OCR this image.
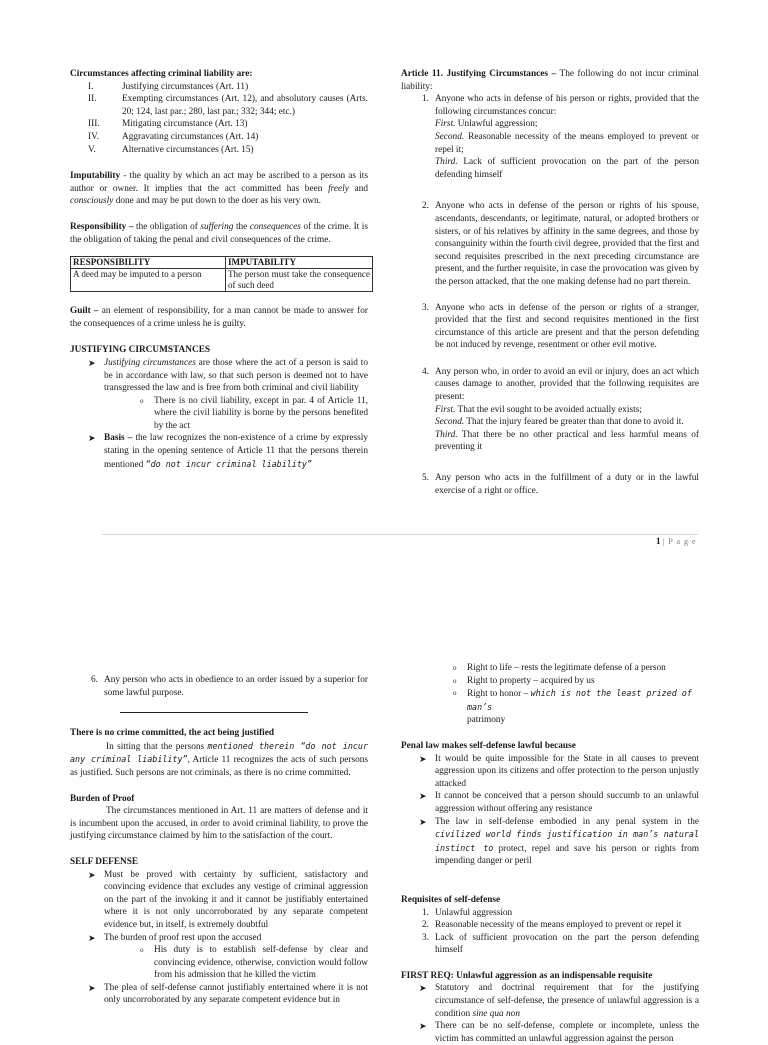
Circumstances affecting criminal liability are:

I.	Justifying circumstances (Art. 11)
II.	Exempting circumstances (Art. 12), and absolutory causes (Arts. 20; 124, last par.; 280, last par.; 332; 344; etc.)
III.	Mitigating circumstance (Art. 13)
IV.	Aggravating circumstances (Art. 14)
V.	Alternative circumstances (Art. 15)

Imputability - the quality by which an act may be ascribed to a person as its author or owner. It implies that the act committed has been freely and consciously done and may be put down to the doer as his very own.

Responsibility – the obligation of suffering the consequences of the crime. It is the obligation of taking the penal and civil consequences of the crime.

RESPONSIBILITY	IMPUTABILITY
A deed may be imputed to a person	The person must take the consequence of such deed

Guilt – an element of responsibility, for a man cannot be made to answer for the consequences of a crime unless he is guilty.

JUSTIFYING CIRCUMSTANCES

➤ Justifying circumstances are those where the act of a person is said to be in accordance with law, so that such person is deemed not to have transgressed the law and is free from both criminal and civil liability
o	There is no civil liability, except in par. 4 of Article 11, where the civil liability is borne by the persons benefited by the act
➤ Basis – the law recognizes the non-existence of a crime by expressly stating in the opening sentence of Article 11 that the persons therein mentioned “do not incur criminal liability”

Article 11. Justifying Circumstances – The following do not incur criminal liability:

1. Anyone who acts in defense of his person or rights, provided that the following circumstances concur:

First. Unlawful aggression;

Second. Reasonable necessity of the means employed to prevent or repel it;

Third. Lack of sufficient provocation on the part of the person defending himself

2. Anyone who acts in defense of the person or rights of his spouse, ascendants, descendants, or legitimate, natural, or adopted brothers or sisters, or of his relatives by affinity in the same degrees, and those by consanguinity within the fourth civil degree, provided that the first and second requisites prescribed in the next preceding circumstance are present, and the further requisite, in case the provocation was given by the person attacked, that the one making defense had no part therein.

3. Anyone who acts in defense of the person or rights of a stranger, provided that the first and second requisites mentioned in the first circumstance of this article are present and that the person defending be not induced by revenge, resentment or other evil motive.

4. Any person who, in order to avoid an evil or injury, does an act which causes damage to another, provided that the following requisites are present:

First. That the evil sought to be avoided actually exists;

Second. That the injury feared be greater than that done to avoid it.

Third. That there be no other practical and less harmful means of preventing it

5. Any person who acts in the fulfillment of a duty or in the lawful exercise of a right or office.

1 | P a g e
6. Any person who acts in obedience to an order issued by a superior for some lawful purpose.

There is no crime committed, the act being justified

In sitting that the persons mentioned therein “do not incur any criminal liability”, Article 11 recognizes the acts of such persons as justified. Such persons are not criminals, as there is no crime committed.

Burden of Proof

The circumstances mentioned in Art. 11 are matters of defense and it is incumbent upon the accused, in order to avoid criminal liability, to prove the justifying circumstance claimed by him to the satisfaction of the court.

SELF DEFENSE

➤ Must be proved with certainty by sufficient, satisfactory and convincing evidence that excludes any vestige of criminal aggression on the part of the invoking it and it cannot be justifiably entertained where it is not only uncorroborated by any separate competent evidence but, in itself, is extremely doubtful
➤ The burden of proof rest upon the accused
o	His duty is to establish self-defense by clear and convincing evidence, otherwise, conviction would follow from his admission that he killed the victim
➤ The plea of self-defense cannot justifiably entertained where it is not only uncorroborated by any separate competent evidence but in
o	Right to life – rests the legitimate defense of a person
o	Right to property – acquired by us
o	Right to honor – which is not the least prized of man’s
patrimony

Penal law makes self-defense lawful because

➤ It would be quite impossible for the State in all causes to prevent aggression upon its citizens and offer protection to the person unjustly attacked
➤ It cannot be conceived that a person should succumb to an unlawful aggression without offering any resistance
➤ The law in self-defense embodied in any penal system in the civilized world finds justification in man’s natural instinct to protect, repel and save his person or rights from impending danger or peril

Requisites of self-defense

1. Unlawful aggression
2. Reasonable necessity of the means employed to prevent or repel it
3. Lack of sufficient provocation on the part the person defending himself

FIRST REQ: Unlawful aggression as an indispensable requisite

➤ Statutory and doctrinal requirement that for the justifying circumstance of self-defense, the presence of unlawful aggression is a condition sine qua non
➤ There can be no self-defense, complete or incomplete, unless the victim has committed an unlawful aggression against the person
